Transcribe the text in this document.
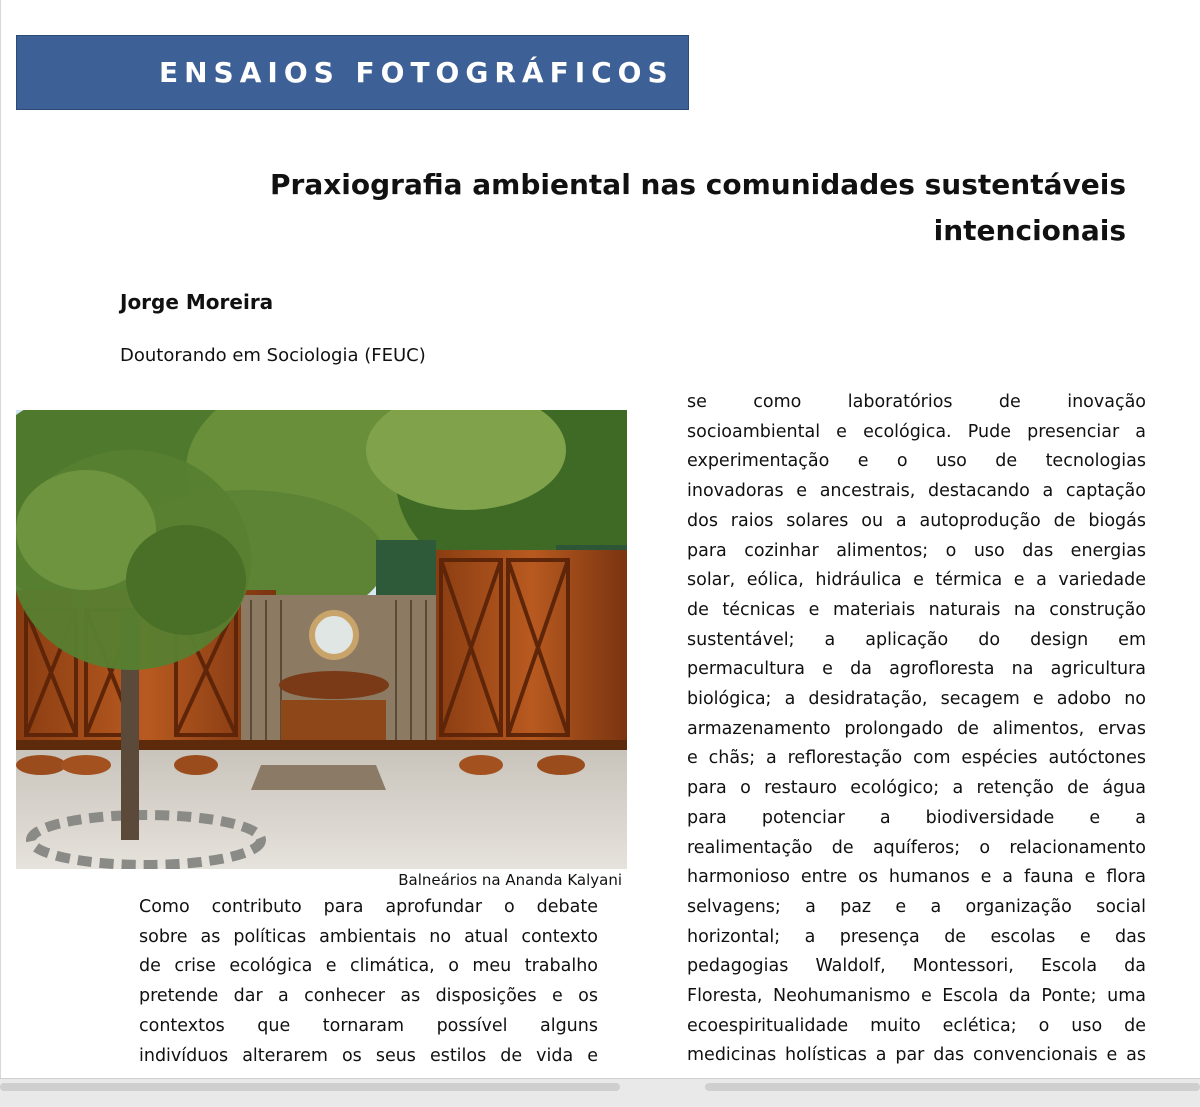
ENSAIOS FOTOGRÁFICOS
Praxiografia ambiental nas comunidades sustentáveis
intencionais
Jorge Moreira
Doutorando em Sociologia (FEUC)
Balneários na Ananda Kalyani
Como contributo para aprofundar o debate
sobre as políticas ambientais no atual contexto
de crise ecológica e climática, o meu trabalho
pretende dar a conhecer as disposições e os
contextos que tornaram possível alguns
indivíduos alterarem os seus estilos de vida e
se como laboratórios de inovação
socioambiental e ecológica. Pude presenciar a
experimentação e o uso de tecnologias
inovadoras e ancestrais, destacando a captação
dos raios solares ou a autoprodução de biogás
para cozinhar alimentos; o uso das energias
solar, eólica, hidráulica e térmica e a variedade
de técnicas e materiais naturais na construção
sustentável; a aplicação do design em
permacultura e da agrofloresta na agricultura
biológica; a desidratação, secagem e adobo no
armazenamento prolongado de alimentos, ervas
e chãs; a reflorestação com espécies autóctones
para o restauro ecológico; a retenção de água
para potenciar a biodiversidade e a
realimentação de aquíferos; o relacionamento
harmonioso entre os humanos e a fauna e flora
selvagens; a paz e a organização social
horizontal; a presença de escolas e das
pedagogias Waldolf, Montessori, Escola da
Floresta, Neohumanismo e Escola da Ponte; uma
ecoespiritualidade muito eclética; o uso de
medicinas holísticas a par das convencionais e as
